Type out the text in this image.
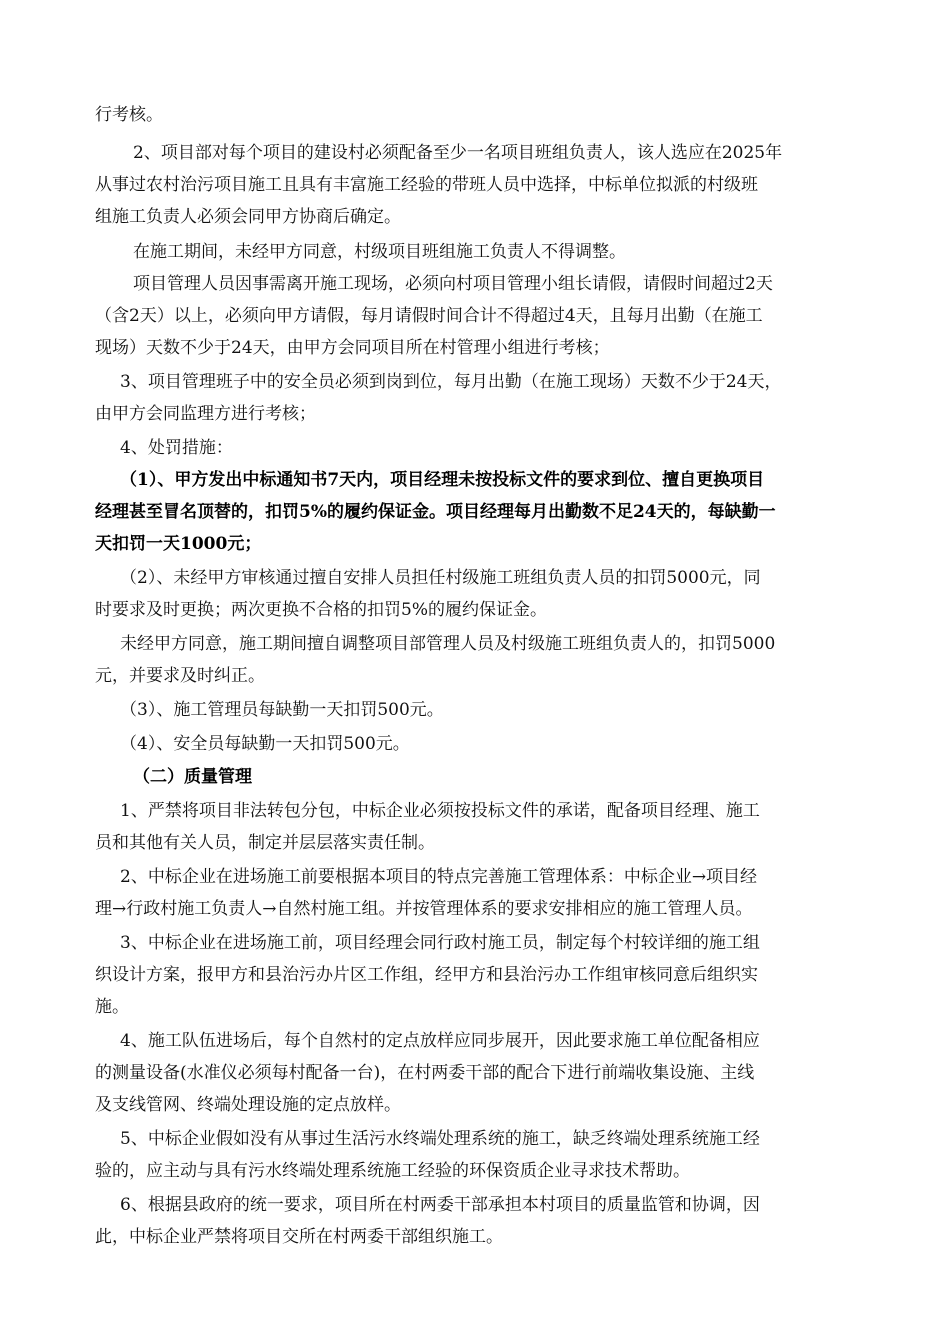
行考核。
2、项目部对每个项目的建设村必须配备至少一名项目班组负责人，该人选应在2025年
从事过农村治污项目施工且具有丰富施工经验的带班人员中选择，中标单位拟派的村级班
组施工负责人必须会同甲方协商后确定。
在施工期间，未经甲方同意，村级项目班组施工负责人不得调整。
项目管理人员因事需离开施工现场，必须向村项目管理小组长请假，请假时间超过2天
（含2天）以上，必须向甲方请假，每月请假时间合计不得超过4天，且每月出勤（在施工
现场）天数不少于24天，由甲方会同项目所在村管理小组进行考核；
3、项目管理班子中的安全员必须到岗到位，每月出勤（在施工现场）天数不少于24天，
由甲方会同监理方进行考核；
4、处罚措施：
（1）、甲方发出中标通知书7天内，项目经理未按投标文件的要求到位、擅自更换项目
经理甚至冒名顶替的，扣罚5%的履约保证金。项目经理每月出勤数不足24天的，每缺勤一
天扣罚一天1000元；
（2）、未经甲方审核通过擅自安排人员担任村级施工班组负责人员的扣罚5000元，同
时要求及时更换；两次更换不合格的扣罚5%的履约保证金。
未经甲方同意，施工期间擅自调整项目部管理人员及村级施工班组负责人的，扣罚5000
元，并要求及时纠正。
（3）、施工管理员每缺勤一天扣罚500元。
（4）、安全员每缺勤一天扣罚500元。
（二）质量管理
1、严禁将项目非法转包分包，中标企业必须按投标文件的承诺，配备项目经理、施工
员和其他有关人员，制定并层层落实责任制。
2、中标企业在进场施工前要根据本项目的特点完善施工管理体系：中标企业→项目经
理→行政村施工负责人→自然村施工组。并按管理体系的要求安排相应的施工管理人员。
3、中标企业在进场施工前，项目经理会同行政村施工员，制定每个村较详细的施工组
织设计方案，报甲方和县治污办片区工作组，经甲方和县治污办工作组审核同意后组织实
施。
4、施工队伍进场后，每个自然村的定点放样应同步展开，因此要求施工单位配备相应
的测量设备(水准仪必须每村配备一台)，在村两委干部的配合下进行前端收集设施、主线
及支线管网、终端处理设施的定点放样。
5、中标企业假如没有从事过生活污水终端处理系统的施工，缺乏终端处理系统施工经
验的，应主动与具有污水终端处理系统施工经验的环保资质企业寻求技术帮助。
6、根据县政府的统一要求，项目所在村两委干部承担本村项目的质量监管和协调，因
此，中标企业严禁将项目交所在村两委干部组织施工。
